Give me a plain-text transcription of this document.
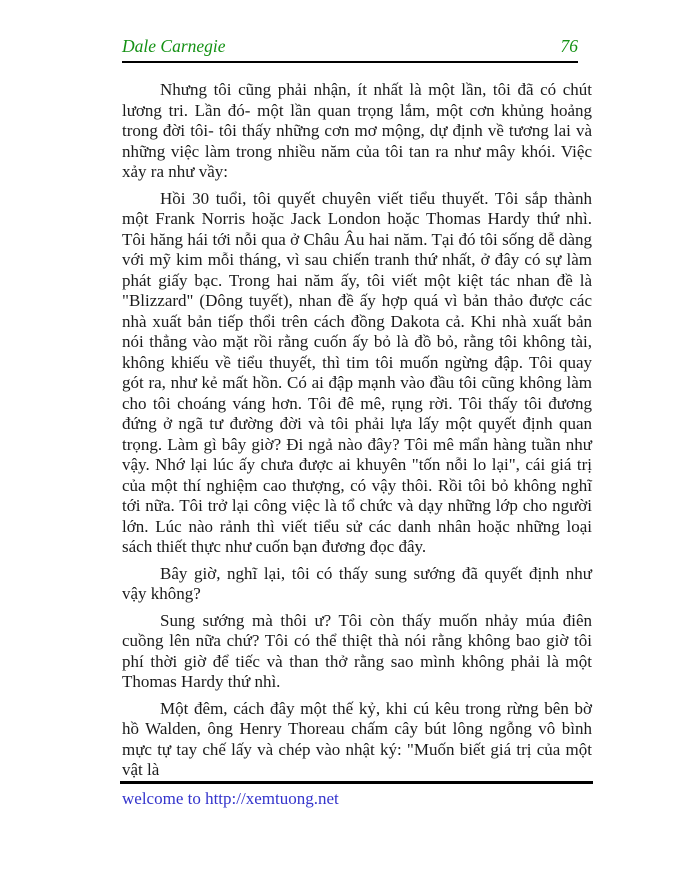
Dale Carnegie	76

Nhưng tôi cũng phải nhận, ít nhất là một lần, tôi đã có chút lương tri. Lần đó- một lần quan trọng lắm, một cơn khủng hoảng trong đời tôi- tôi thấy những cơn mơ mộng, dự định về tương lai và những việc làm trong nhiều năm của tôi tan ra như mây khói. Việc xảy ra như vầy:

Hồi 30 tuổi, tôi quyết chuyên viết tiểu thuyết. Tôi sắp thành một Frank Norris hoặc Jack London hoặc Thomas Hardy thứ nhì. Tôi hăng hái tới nỗi qua ở Châu Âu hai năm. Tại đó tôi sống dễ dàng với mỹ kim mỗi tháng, vì sau chiến tranh thứ nhất, ở đây có sự làm phát giấy bạc. Trong hai năm ấy, tôi viết một kiệt tác nhan đề là "Blizzard" (Dông tuyết), nhan đề ấy hợp quá vì bản thảo được các nhà xuất bản tiếp thổi trên cách đồng Dakota cả. Khi nhà xuất bản nói thẳng vào mặt rồi rằng cuốn ấy bỏ là đồ bỏ, rằng tôi không tài, không khiếu về tiểu thuyết, thì tim tôi muốn ngừng đập. Tôi quay gót ra, như kẻ mất hồn. Có ai đập mạnh vào đầu tôi cũng không làm cho tôi choáng váng hơn. Tôi đê mê, rụng rời. Tôi thấy tôi đương đứng ở ngã tư đường đời và tôi phải lựa lấy một quyết định quan trọng. Làm gì bây giờ? Đi ngả nào đây? Tôi mê mẩn hàng tuần như vậy. Nhớ lại lúc ấy chưa được ai khuyên "tốn nỗi lo lại", cái giá trị của một thí nghiệm cao thượng, có vậy thôi. Rồi tôi bỏ không nghĩ tới nữa. Tôi trở lại công việc là tổ chức và dạy những lớp cho người lớn. Lúc nào rảnh thì viết tiểu sử các danh nhân hoặc những loại sách thiết thực như cuốn bạn đương đọc đây.

Bây giờ, nghĩ lại, tôi có thấy sung sướng đã quyết định như vậy không?

Sung sướng mà thôi ư? Tôi còn thấy muốn nhảy múa điên cuồng lên nữa chứ? Tôi có thể thiệt thà nói rằng không bao giờ tôi phí thời giờ để tiếc và than thở rằng sao mình không phải là một Thomas Hardy thứ nhì.

Một đêm, cách đây một thế kỷ, khi cú kêu trong rừng bên bờ hồ Walden, ông Henry Thoreau chấm cây bút lông ngỗng vô bình mực tự tay chế lấy và chép vào nhật ký: "Muốn biết giá trị của một vật là

welcome to http://xemtuong.net
